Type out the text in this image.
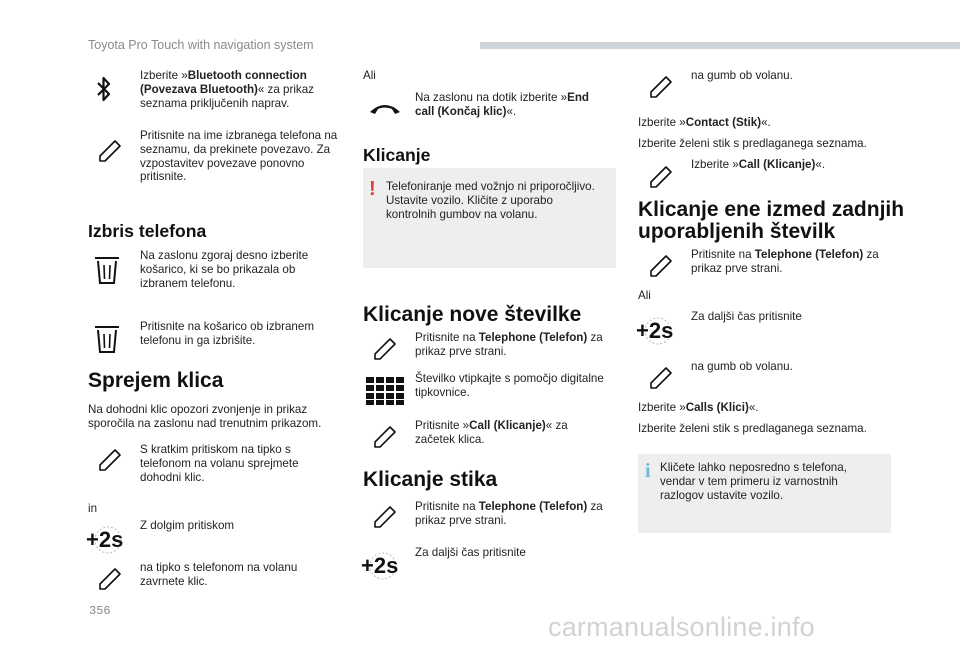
Toyota Pro Touch with navigation system
Izberite »Bluetooth connection (Povezava Bluetooth)« za prikaz seznama priključenih naprav.
Pritisnite na ime izbranega telefona na seznamu, da prekinete povezavo. Za vzpostavitev povezave ponovno pritisnite.
Izbris telefona
Na zaslonu zgoraj desno izberite košarico, ki se bo prikazala ob izbranem telefonu.
Pritisnite na košarico ob izbranem telefonu in ga izbrišite.
Sprejem klica
Na dohodni klic opozori zvonjenje in prikaz sporočila na zaslonu nad trenutnim prikazom.
S kratkim pritiskom na tipko s telefonom na volanu sprejmete dohodni klic.
in
+2s
Z dolgim pritiskom
na tipko s telefonom na volanu zavrnete klic.
356
Ali
Na zaslonu na dotik izberite »End call (Končaj klic)«.
Klicanje
! Telefoniranje med vožnjo ni priporočljivo. Ustavite vozilo. Kličite z uporabo kontrolnih gumbov na volanu.
Klicanje nove številke
Pritisnite na Telephone (Telefon) za prikaz prve strani.
Številko vtipkajte s pomočjo digitalne tipkovnice.
Pritisnite »Call (Klicanje)« za začetek klica.
Klicanje stika
Pritisnite na Telephone (Telefon) za prikaz prve strani.
+2s
Za daljši čas pritisnite
na gumb ob volanu.
Izberite »Contact (Stik)«.
Izberite želeni stik s predlaganega seznama.
Izberite »Call (Klicanje)«.
Klicanje ene izmed zadnjih uporabljenih številk
Pritisnite na Telephone (Telefon) za prikaz prve strani.
Ali
+2s
Za daljši čas pritisnite
na gumb ob volanu.
Izberite »Calls (Klici)«.
Izberite želeni stik s predlaganega seznama.
i Kličete lahko neposredno s telefona, vendar v tem primeru iz varnostnih razlogov ustavite vozilo.
carmanualsonline.info
